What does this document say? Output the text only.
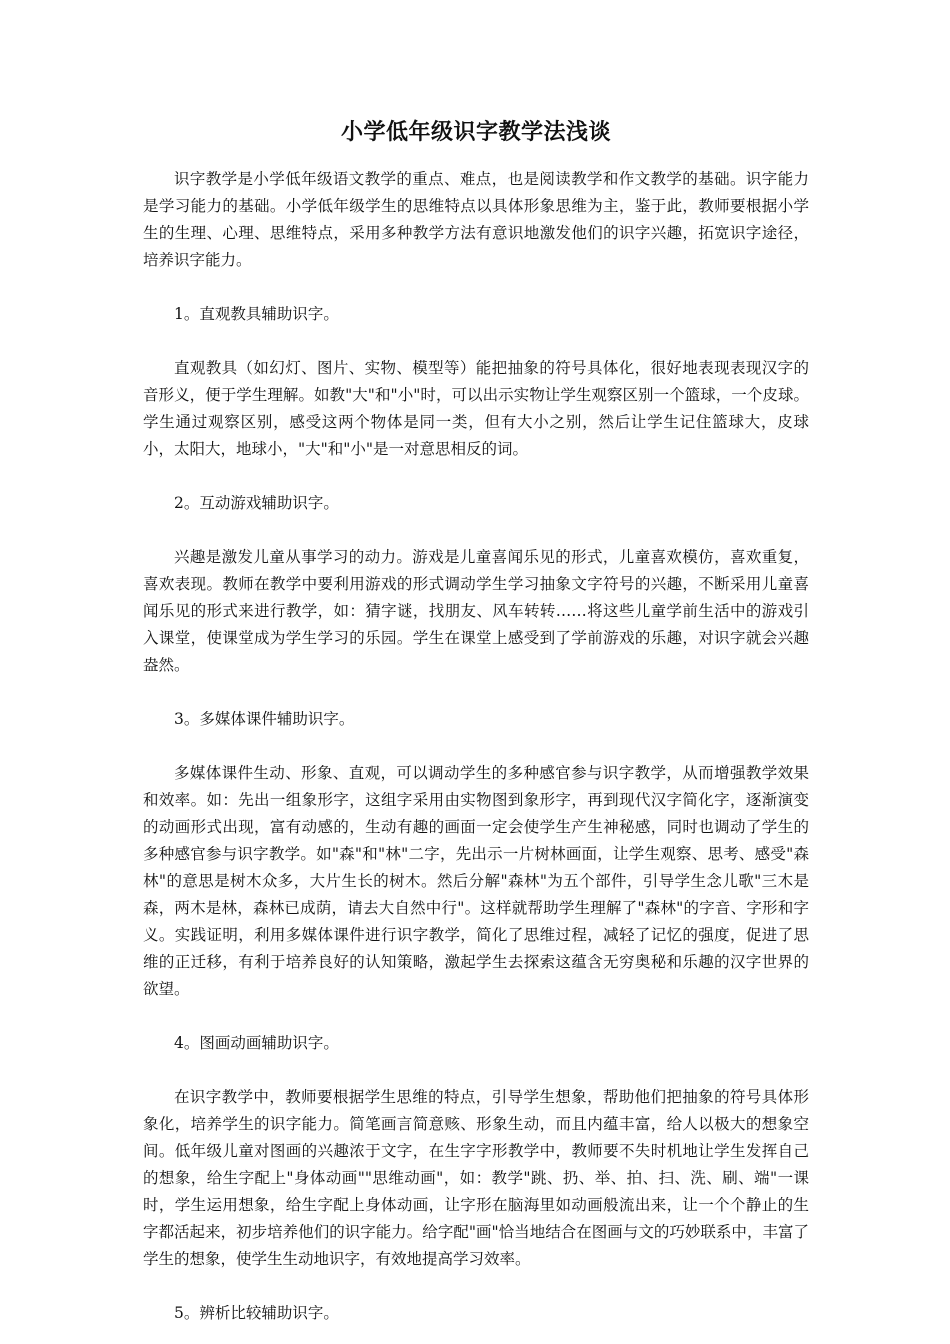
小学低年级识字教学法浅谈

识字教学是小学低年级语文教学的重点、难点，也是阅读教学和作文教学的基础。识字能力是学习能力的基础。小学低年级学生的思维特点以具体形象思维为主，鉴于此，教师要根据小学生的生理、心理、思维特点，采用多种教学方法有意识地激发他们的识字兴趣，拓宽识字途径，培养识字能力。

1。直观教具辅助识字。

直观教具（如幻灯、图片、实物、模型等）能把抽象的符号具体化，很好地表现表现汉字的音形义，便于学生理解。如教"大"和"小"时，可以出示实物让学生观察区别一个篮球，一个皮球。学生通过观察区别，感受这两个物体是同一类，但有大小之别，然后让学生记住篮球大，皮球小，太阳大，地球小，"大"和"小"是一对意思相反的词。

2。互动游戏辅助识字。

兴趣是激发儿童从事学习的动力。游戏是儿童喜闻乐见的形式，儿童喜欢模仿，喜欢重复，喜欢表现。教师在教学中要利用游戏的形式调动学生学习抽象文字符号的兴趣，不断采用儿童喜闻乐见的形式来进行教学，如：猜字谜，找朋友、风车转转……将这些儿童学前生活中的游戏引入课堂，使课堂成为学生学习的乐园。学生在课堂上感受到了学前游戏的乐趣，对识字就会兴趣盎然。

3。多媒体课件辅助识字。

多媒体课件生动、形象、直观，可以调动学生的多种感官参与识字教学，从而增强教学效果和效率。如：先出一组象形字，这组字采用由实物图到象形字，再到现代汉字简化字，逐渐演变的动画形式出现，富有动感的，生动有趣的画面一定会使学生产生神秘感，同时也调动了学生的多种感官参与识字教学。如"森"和"林"二字，先出示一片树林画面，让学生观察、思考、感受"森林"的意思是树木众多，大片生长的树木。然后分解"森林"为五个部件，引导学生念儿歌"三木是森，两木是林，森林已成荫，请去大自然中行"。这样就帮助学生理解了"森林"的字音、字形和字义。实践证明，利用多媒体课件进行识字教学，简化了思维过程，减轻了记忆的强度，促进了思维的正迁移，有利于培养良好的认知策略，激起学生去探索这蕴含无穷奥秘和乐趣的汉字世界的欲望。

4。图画动画辅助识字。

在识字教学中，教师要根据学生思维的特点，引导学生想象，帮助他们把抽象的符号具体形象化，培养学生的识字能力。简笔画言简意赅、形象生动，而且内蕴丰富，给人以极大的想象空间。低年级儿童对图画的兴趣浓于文字，在生字字形教学中，教师要不失时机地让学生发挥自己的想象，给生字配上"身体动画""思维动画"，如：教学"跳、扔、举、拍、扫、洗、刷、端"一课时，学生运用想象，给生字配上身体动画，让字形在脑海里如动画般流出来，让一个个静止的生字都活起来，初步培养他们的识字能力。给字配"画"恰当地结合在图画与文的巧妙联系中，丰富了学生的想象，使学生生动地识字，有效地提高学习效率。

5。辨析比较辅助识字。
